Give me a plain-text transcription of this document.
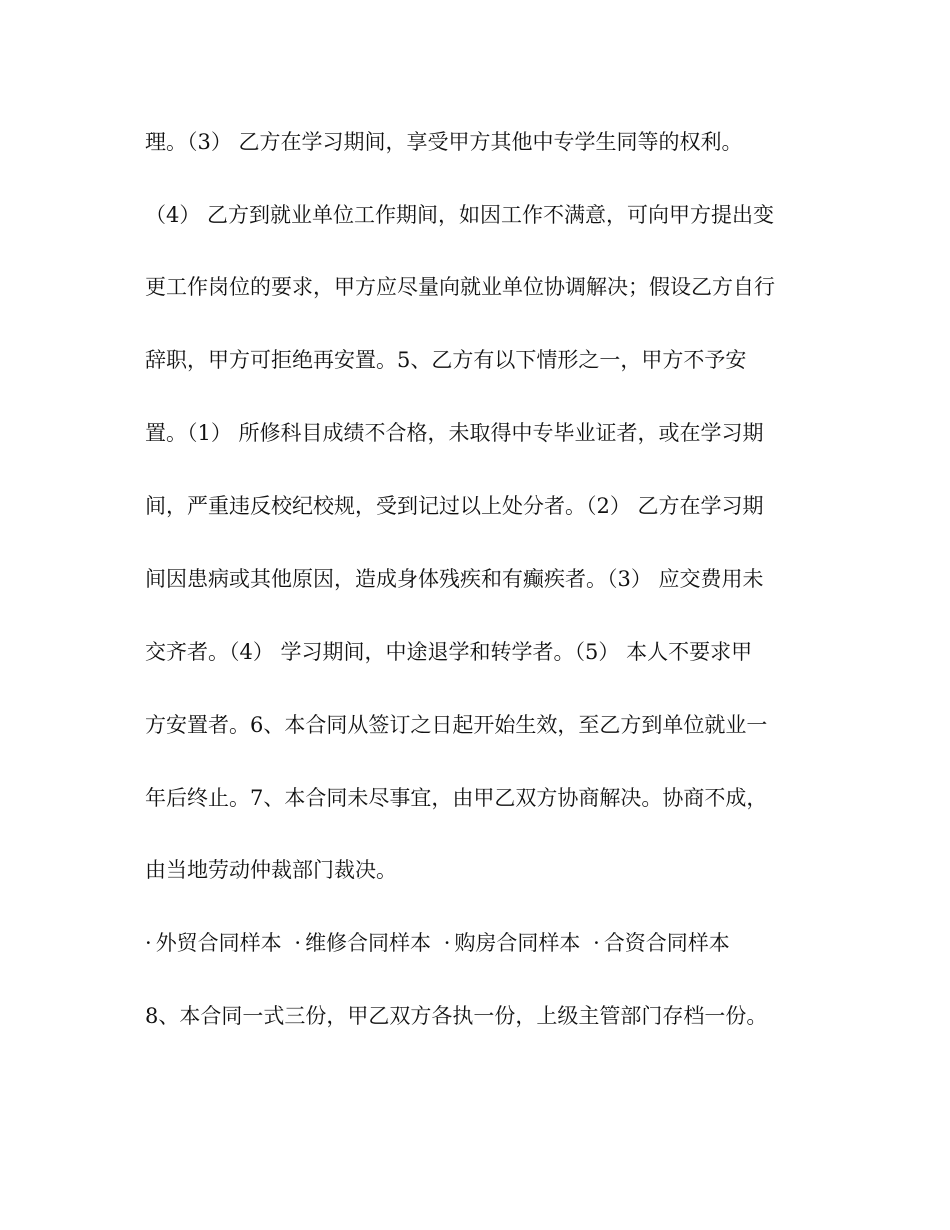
理。（3） 乙方在学习期间，享受甲方其他中专学生同等的权利。
（4） 乙方到就业单位工作期间，如因工作不满意，可向甲方提出变
更工作岗位的要求，甲方应尽量向就业单位协调解决；假设乙方自行
辞职，甲方可拒绝再安置。5、乙方有以下情形之一，甲方不予安
置。（1） 所修科目成绩不合格，未取得中专毕业证者，或在学习期
间，严重违反校纪校规，受到记过以上处分者。（2） 乙方在学习期
间因患病或其他原因，造成身体残疾和有癫疾者。（3） 应交费用未
交齐者。（4） 学习期间，中途退学和转学者。（5） 本人不要求甲
方安置者。6、本合同从签订之日起开始生效，至乙方到单位就业一
年后终止。7、本合同未尽事宜，由甲乙双方协商解决。协商不成，
由当地劳动仲裁部门裁决。
· 外贸合同样本 · 维修合同样本 · 购房合同样本 · 合资合同样本
8、本合同一式三份，甲乙双方各执一份，上级主管部门存档一份。
